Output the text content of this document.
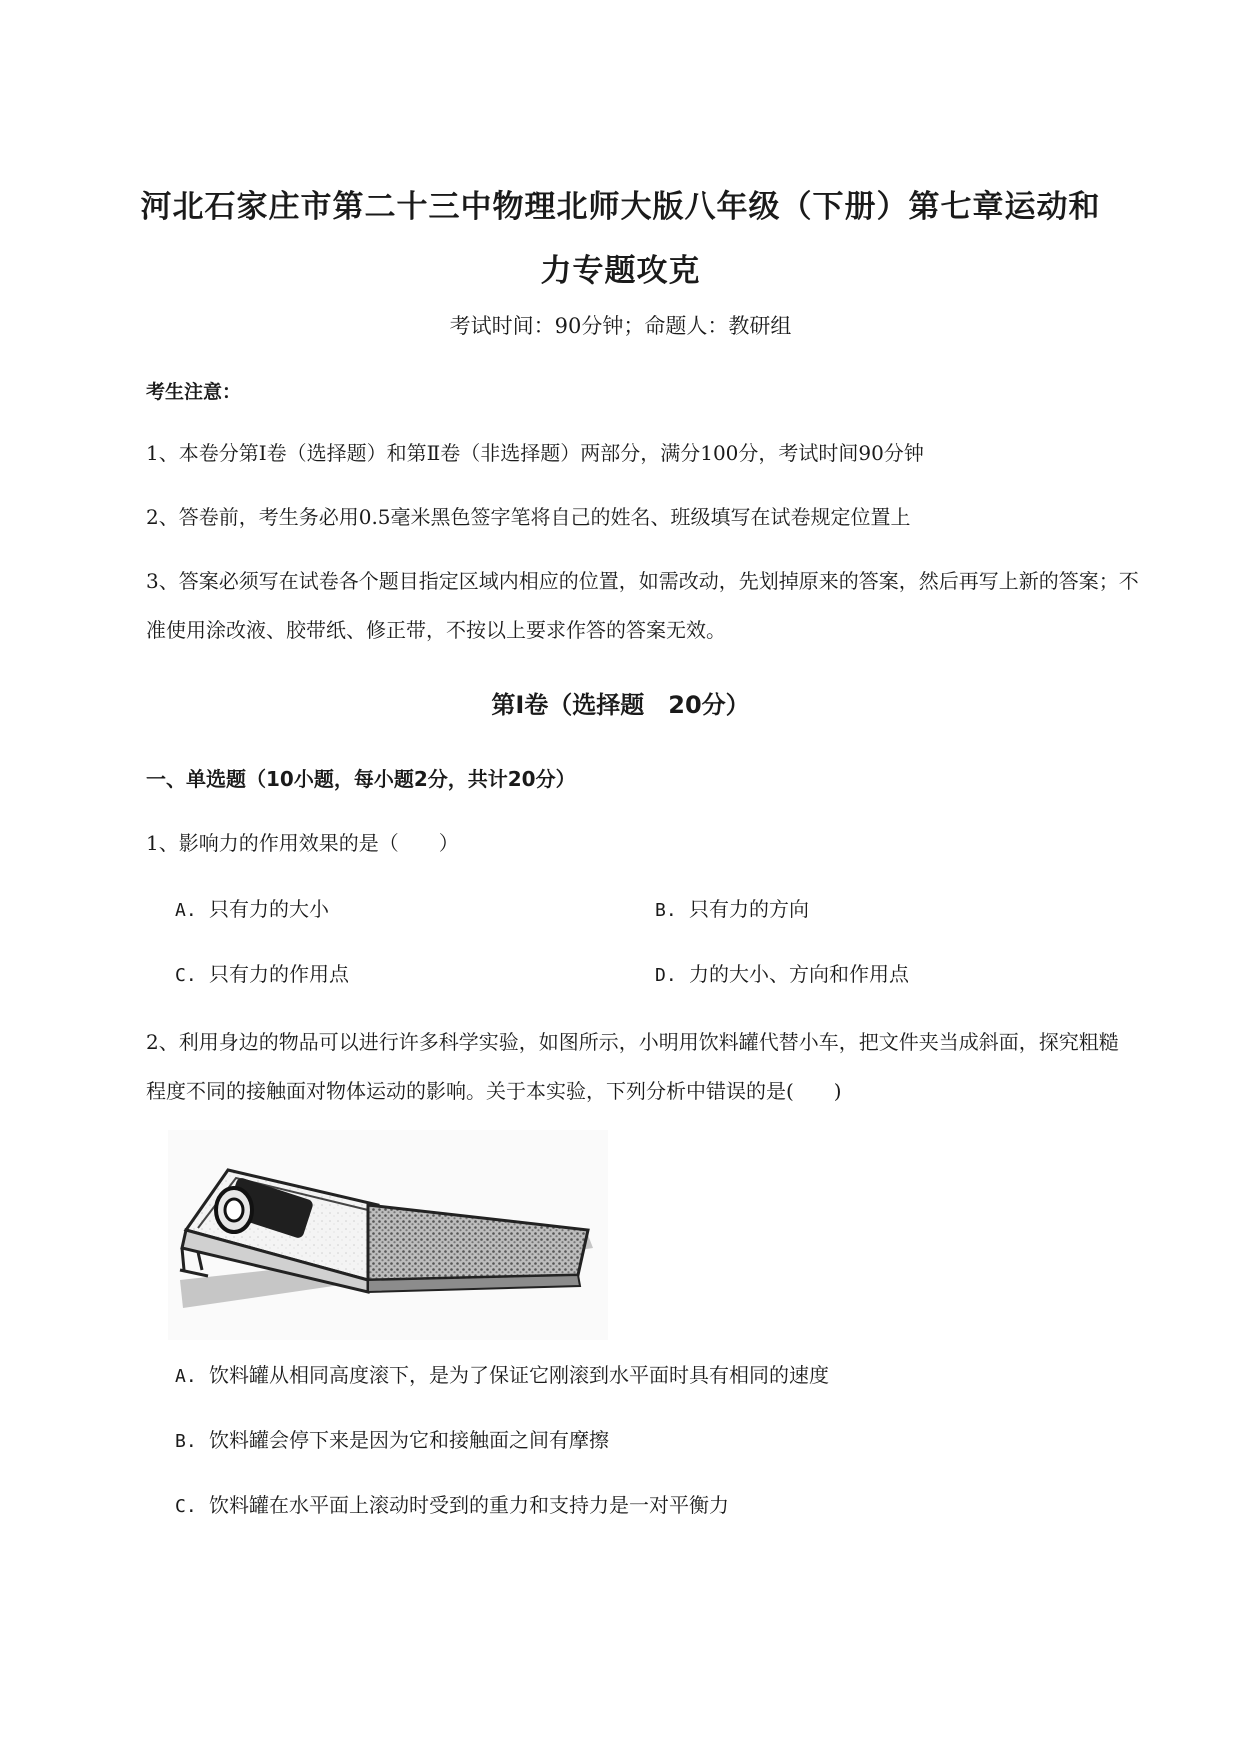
河北石家庄市第二十三中物理北师大版八年级（下册）第七章运动和力专题攻克
考试时间：90分钟；命题人：教研组
考生注意：
1、本卷分第Ⅰ卷（选择题）和第Ⅱ卷（非选择题）两部分，满分100分，考试时间90分钟
2、答卷前，考生务必用0.5毫米黑色签字笔将自己的姓名、班级填写在试卷规定位置上
3、答案必须写在试卷各个题目指定区域内相应的位置，如需改动，先划掉原来的答案，然后再写上新的答案；不准使用涂改液、胶带纸、修正带，不按以上要求作答的答案无效。
第Ⅰ卷（选择题　20分）
一、单选题（10小题，每小题2分，共计20分）
1、影响力的作用效果的是（　　）
A. 只有力的大小	B. 只有力的方向
C. 只有力的作用点	D. 力的大小、方向和作用点
2、利用身边的物品可以进行许多科学实验，如图所示，小明用饮料罐代替小车，把文件夹当成斜面，探究粗糙程度不同的接触面对物体运动的影响。关于本实验，下列分析中错误的是(　　)
A. 饮料罐从相同高度滚下，是为了保证它刚滚到水平面时具有相同的速度
B. 饮料罐会停下来是因为它和接触面之间有摩擦
C. 饮料罐在水平面上滚动时受到的重力和支持力是一对平衡力
